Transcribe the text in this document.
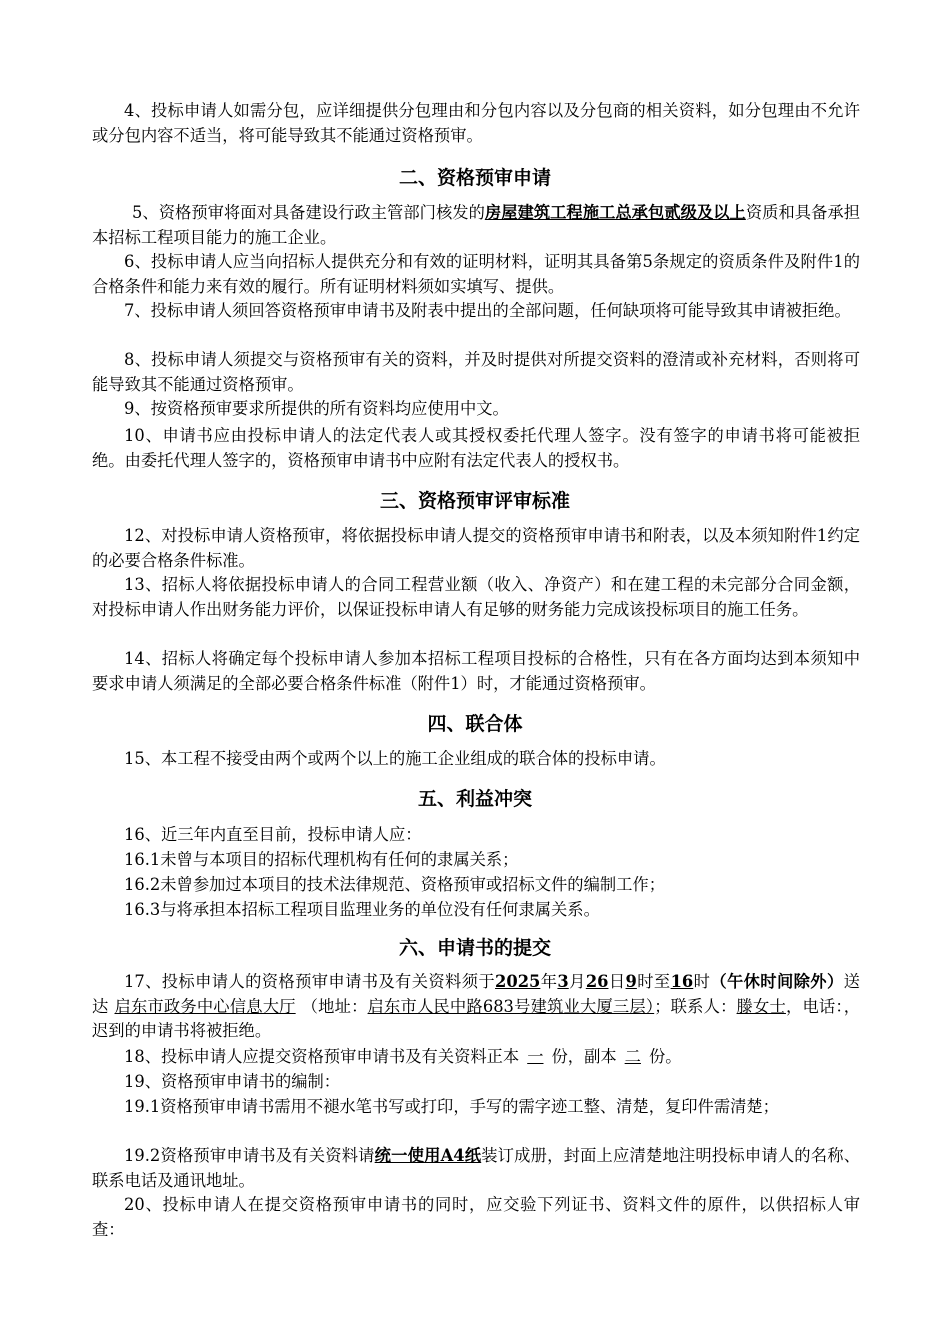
4、投标申请人如需分包，应详细提供分包理由和分包内容以及分包商的相关资料，如分包理由不允许或分包内容不适当，将可能导致其不能通过资格预审。

二、资格预审申请

5、资格预审将面对具备建设行政主管部门核发的房屋建筑工程施工总承包贰级及以上资质和具备承担本招标工程项目能力的施工企业。

6、投标申请人应当向招标人提供充分和有效的证明材料，证明其具备第5条规定的资质条件及附件1的合格条件和能力来有效的履行。所有证明材料须如实填写、提供。

7、投标申请人须回答资格预审申请书及附表中提出的全部问题，任何缺项将可能导致其申请被拒绝。

8、投标申请人须提交与资格预审有关的资料，并及时提供对所提交资料的澄清或补充材料，否则将可能导致其不能通过资格预审。

9、按资格预审要求所提供的所有资料均应使用中文。

10、申请书应由投标申请人的法定代表人或其授权委托代理人签字。没有签字的申请书将可能被拒绝。由委托代理人签字的，资格预审申请书中应附有法定代表人的授权书。

三、资格预审评审标准

12、对投标申请人资格预审，将依据投标申请人提交的资格预审申请书和附表，以及本须知附件1约定的必要合格条件标准。

13、招标人将依据投标申请人的合同工程营业额（收入、净资产）和在建工程的未完部分合同金额，对投标申请人作出财务能力评价，以保证投标申请人有足够的财务能力完成该投标项目的施工任务。

14、招标人将确定每个投标申请人参加本招标工程项目投标的合格性，只有在各方面均达到本须知中要求申请人须满足的全部必要合格条件标准（附件1）时，才能通过资格预审。

四、联合体

15、本工程不接受由两个或两个以上的施工企业组成的联合体的投标申请。

五、利益冲突

16、近三年内直至目前，投标申请人应：

16.1未曾与本项目的招标代理机构有任何的隶属关系；

16.2未曾参加过本项目的技术法律规范、资格预审或招标文件的编制工作；

16.3与将承担本招标工程项目监理业务的单位没有任何隶属关系。

六、申请书的提交

17、投标申请人的资格预审申请书及有关资料须于2025年3月26日9时至16时（午休时间除外）送达 启东市政务中心信息大厅 （地址：启东市人民中路683号建筑业大厦三层）；联系人：滕女士，电话：，迟到的申请书将被拒绝。

18、投标申请人应提交资格预审申请书及有关资料正本 一 份，副本 二 份。

19、资格预审申请书的编制：

19.1资格预审申请书需用不褪水笔书写或打印，手写的需字迹工整、清楚，复印件需清楚；

19.2资格预审申请书及有关资料请统一使用A4纸装订成册，封面上应清楚地注明投标申请人的名称、联系电话及通讯地址。

20、投标申请人在提交资格预审申请书的同时，应交验下列证书、资料文件的原件，以供招标人审查：
